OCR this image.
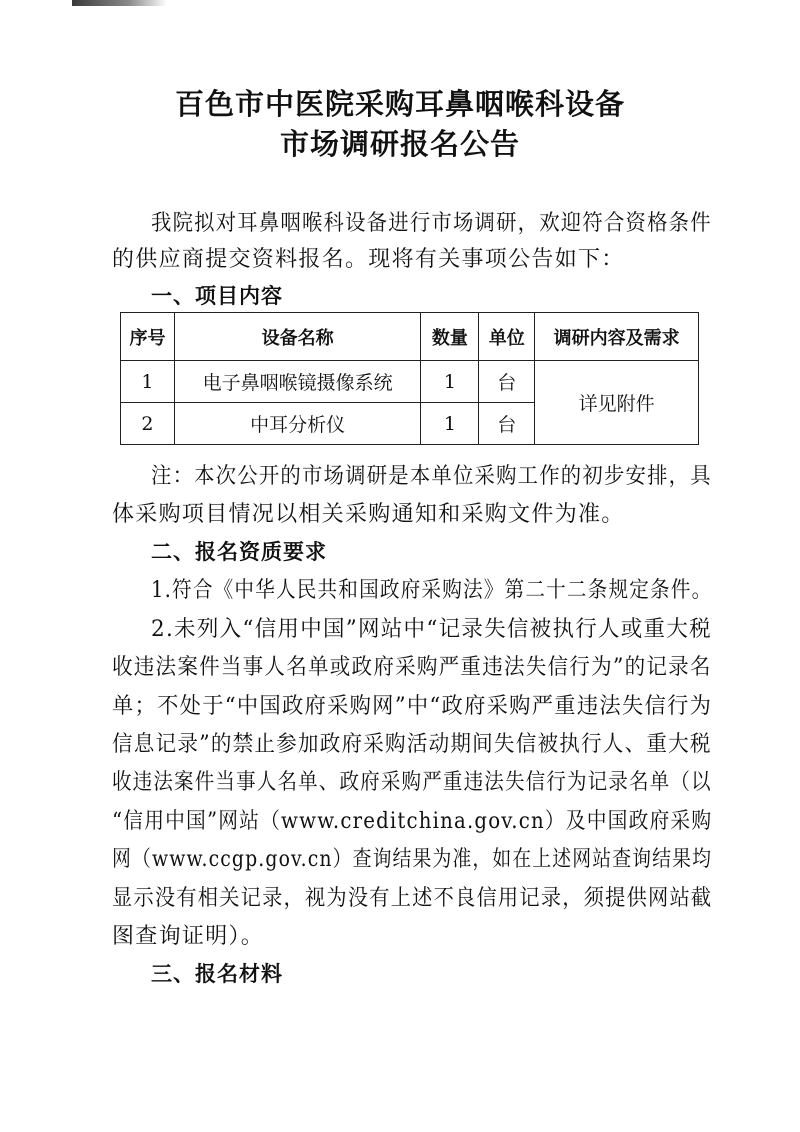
百色市中医院采购耳鼻咽喉科设备
市场调研报名公告
我院拟对耳鼻咽喉科设备进行市场调研，欢迎符合资格条件
的供应商提交资料报名。现将有关事项公告如下：
一、项目内容
序号	设备名称	数量	单位	调研内容及需求
1	电子鼻咽喉镜摄像系统	1	台	详见附件
2	中耳分析仪	1	台	
注：本次公开的市场调研是本单位采购工作的初步安排，具
体采购项目情况以相关采购通知和采购文件为准。
二、报名资质要求
1.符合《中华人民共和国政府采购法》第二十二条规定条件。
2.未列入“信用中国”网站中“记录失信被执行人或重大税
收违法案件当事人名单或政府采购严重违法失信行为”的记录名
单；不处于“中国政府采购网”中“政府采购严重违法失信行为
信息记录”的禁止参加政府采购活动期间失信被执行人、重大税
收违法案件当事人名单、政府采购严重违法失信行为记录名单（以
“信用中国”网站（www.creditchina.gov.cn）及中国政府采购
网（www.ccgp.gov.cn）查询结果为准，如在上述网站查询结果均
显示没有相关记录，视为没有上述不良信用记录，须提供网站截
图查询证明）。
三、报名材料
